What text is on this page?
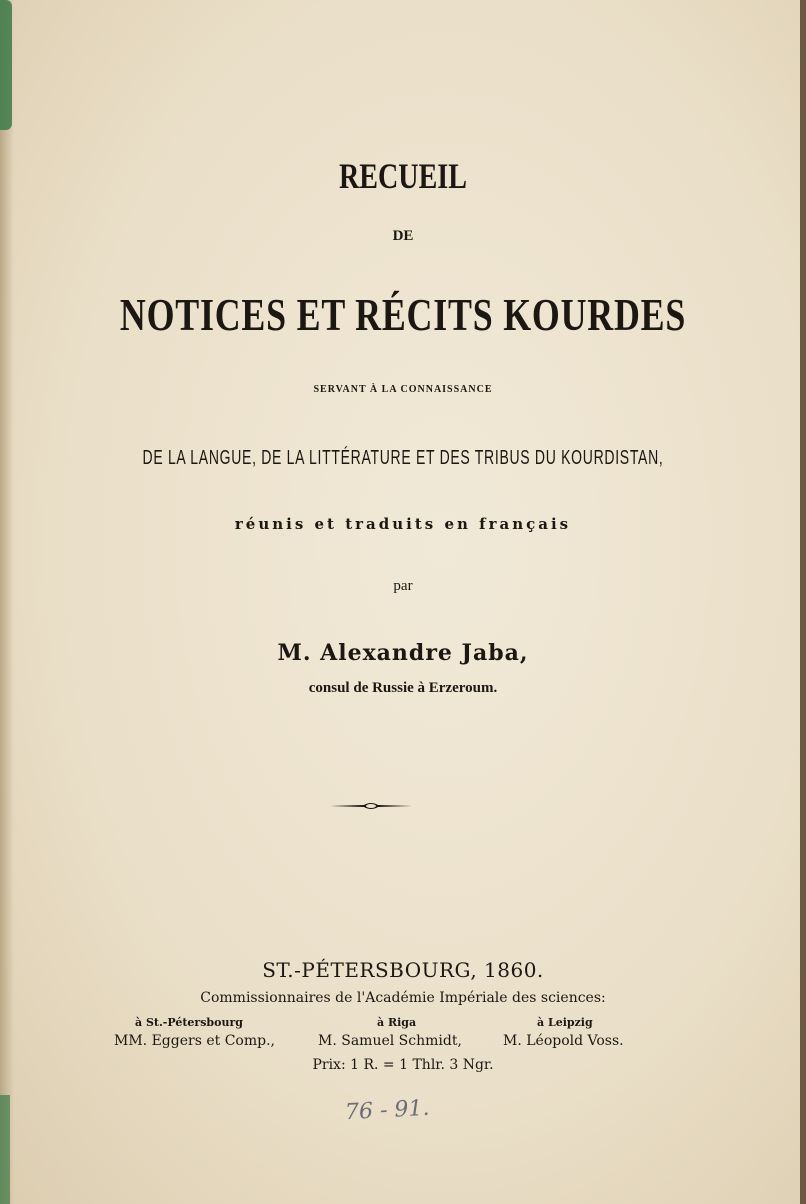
RECUEIL
DE
NOTICES ET RÉCITS KOURDES
SERVANT À LA CONNAISSANCE
DE LA LANGUE, DE LA LITTÉRATURE ET DES TRIBUS DU KOURDISTAN,
réunis et traduits en français
par
M. Alexandre Jaba,
consul de Russie à Erzeroum.
ST.-PÉTERSBOURG, 1860.
Commissionnaires de l'Académie Impériale des sciences:
à St.-Pétersbourg	à Riga	à Leipzig
MM. Eggers et Comp.,	M. Samuel Schmidt,	M. Léopold Voss.
Prix: 1 R. = 1 Thlr. 3 Ngr.
76 - 91.
